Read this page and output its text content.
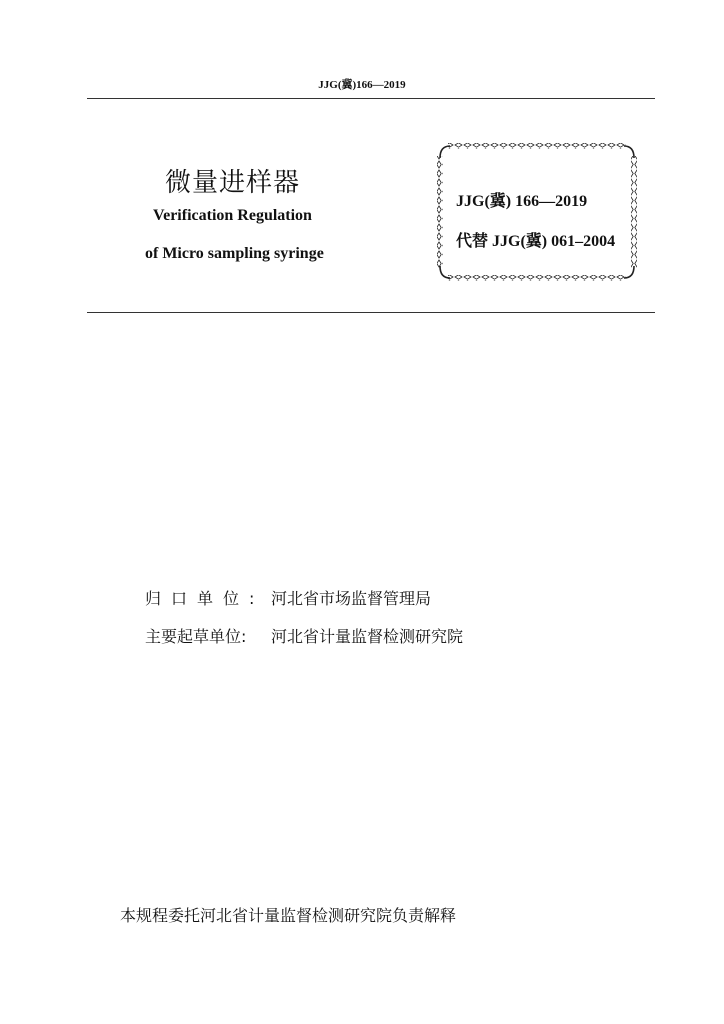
JJG(冀)166—2019
微量进样器
Verification Regulation
of Micro sampling syringe
JJG(冀) 166—2019
代替 JJG(冀) 061–2004
归口单位: 河北省市场监督管理局
主要起草单位: 河北省计量监督检测研究院
本规程委托河北省计量监督检测研究院负责解释
